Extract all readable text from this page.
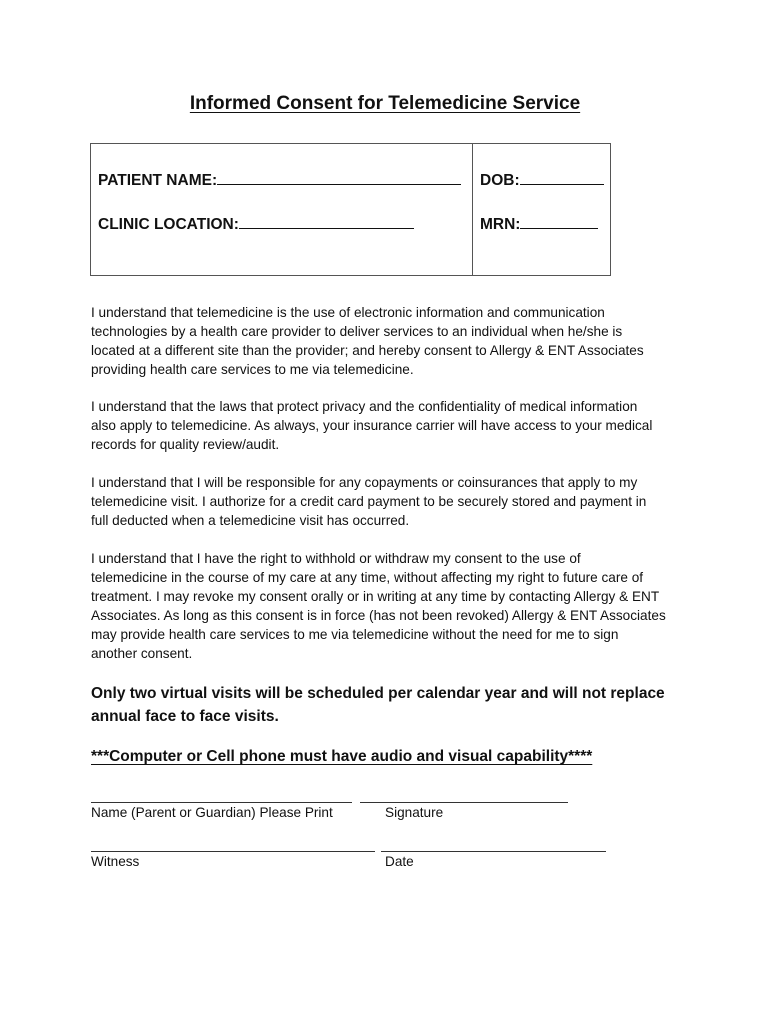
Informed Consent for Telemedicine Service
PATIENT NAME:
CLINIC LOCATION:
DOB:
MRN:
I understand that telemedicine is the use of electronic information and communication
technologies by a health care provider to deliver services to an individual when he/she is
located at a different site than the provider; and hereby consent to Allergy & ENT Associates
providing health care services to me via telemedicine.
I understand that the laws that protect privacy and the confidentiality of medical information
also apply to telemedicine. As always, your insurance carrier will have access to your medical
records for quality review/audit.
I understand that I will be responsible for any copayments or coinsurances that apply to my
telemedicine visit. I authorize for a credit card payment to be securely stored and payment in
full deducted when a telemedicine visit has occurred.
I understand that I have the right to withhold or withdraw my consent to the use of
telemedicine in the course of my care at any time, without affecting my right to future care of
treatment. I may revoke my consent orally or in writing at any time by contacting Allergy & ENT
Associates. As long as this consent is in force (has not been revoked) Allergy & ENT Associates
may provide health care services to me via telemedicine without the need for me to sign
another consent.
Only two virtual visits will be scheduled per calendar year and will not replace
annual face to face visits.
***Computer or Cell phone must have audio and visual capability****
Name (Parent or Guardian) Please Print	Signature
Witness	Date
